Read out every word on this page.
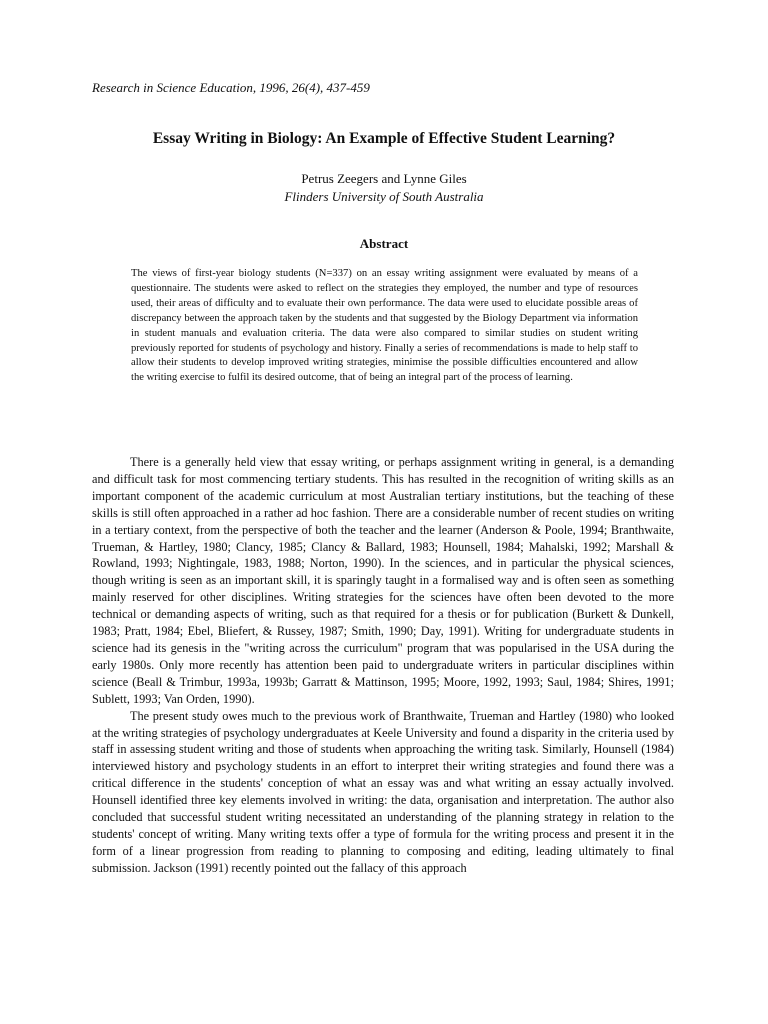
Research in Science Education, 1996, 26(4), 437-459

Essay Writing in Biology: An Example of Effective Student Learning?
Petrus Zeegers and Lynne Giles
Flinders University of South Australia
Abstract

The views of first-year biology students (N=337) on an essay writing assignment were evaluated by means of a questionnaire. The students were asked to reflect on the strategies they employed, the number and type of resources used, their areas of difficulty and to evaluate their own performance. The data were used to elucidate possible areas of discrepancy between the approach taken by the students and that suggested by the Biology Department via information in student manuals and evaluation criteria. The data were also compared to similar studies on student writing previously reported for students of psychology and history. Finally a series of recommendations is made to help staff to allow their students to develop improved writing strategies, minimise the possible difficulties encountered and allow the writing exercise to fulfil its desired outcome, that of being an integral part of the process of learning.

There is a generally held view that essay writing, or perhaps assignment writing in general, is a demanding and difficult task for most commencing tertiary students. This has resulted in the recognition of writing skills as an important component of the academic curriculum at most Australian tertiary institutions, but the teaching of these skills is still often approached in a rather ad hoc fashion. There are a considerable number of recent studies on writing in a tertiary context, from the perspective of both the teacher and the learner (Anderson & Poole, 1994; Branthwaite, Trueman, & Hartley, 1980; Clancy, 1985; Clancy & Ballard, 1983; Hounsell, 1984; Mahalski, 1992; Marshall & Rowland, 1993; Nightingale, 1983, 1988; Norton, 1990). In the sciences, and in particular the physical sciences, though writing is seen as an important skill, it is sparingly taught in a formalised way and is often seen as something mainly reserved for other disciplines. Writing strategies for the sciences have often been devoted to the more technical or demanding aspects of writing, such as that required for a thesis or for publication (Burkett & Dunkell, 1983; Pratt, 1984; Ebel, Bliefert, & Russey, 1987; Smith, 1990; Day, 1991). Writing for undergraduate students in science had its genesis in the "writing across the curriculum" program that was popularised in the USA during the early 1980s. Only more recently has attention been paid to undergraduate writers in particular disciplines within science (Beall & Trimbur, 1993a, 1993b; Garratt & Mattinson, 1995; Moore, 1992, 1993; Saul, 1984; Shires, 1991; Sublett, 1993; Van Orden, 1990).

The present study owes much to the previous work of Branthwaite, Trueman and Hartley (1980) who looked at the writing strategies of psychology undergraduates at Keele University and found a disparity in the criteria used by staff in assessing student writing and those of students when approaching the writing task. Similarly, Hounsell (1984) interviewed history and psychology students in an effort to interpret their writing strategies and found there was a critical difference in the students' conception of what an essay was and what writing an essay actually involved. Hounsell identified three key elements involved in writing: the data, organisation and interpretation. The author also concluded that successful student writing necessitated an understanding of the planning strategy in relation to the students' concept of writing. Many writing texts offer a type of formula for the writing process and present it in the form of a linear progression from reading to planning to composing and editing, leading ultimately to final submission. Jackson (1991) recently pointed out the fallacy of this approach
